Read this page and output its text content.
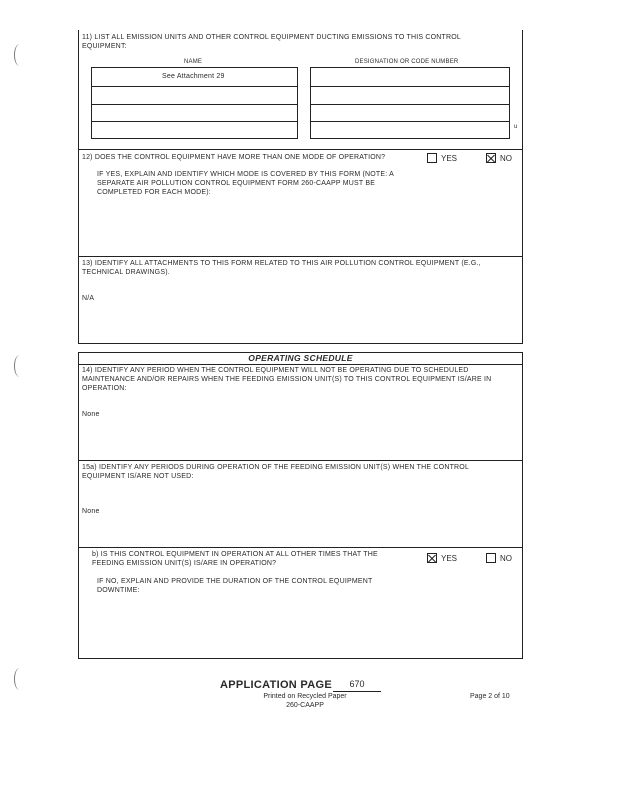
11) LIST ALL EMISSION UNITS AND OTHER CONTROL EQUIPMENT DUCTING EMISSIONS TO THIS CONTROL EQUIPMENT:
NAME	DESIGNATION OR CODE NUMBER
See Attachment 29
u
12) DOES THE CONTROL EQUIPMENT HAVE MORE THAN ONE MODE OF OPERATION?	YES	NO
IF YES, EXPLAIN AND IDENTIFY WHICH MODE IS COVERED BY THIS FORM (NOTE: A SEPARATE AIR POLLUTION CONTROL EQUIPMENT FORM 260-CAAPP MUST BE COMPLETED FOR EACH MODE):
13) IDENTIFY ALL ATTACHMENTS TO THIS FORM RELATED TO THIS AIR POLLUTION CONTROL EQUIPMENT (E.G., TECHNICAL DRAWINGS).
N/A
OPERATING SCHEDULE
14) IDENTIFY ANY PERIOD WHEN THE CONTROL EQUIPMENT WILL NOT BE OPERATING DUE TO SCHEDULED MAINTENANCE AND/OR REPAIRS WHEN THE FEEDING EMISSION UNIT(S) TO THIS CONTROL EQUIPMENT IS/ARE IN OPERATION:
None
15a) IDENTIFY ANY PERIODS DURING OPERATION OF THE FEEDING EMISSION UNIT(S) WHEN THE CONTROL EQUIPMENT IS/ARE NOT USED:
None
b) IS THIS CONTROL EQUIPMENT IN OPERATION AT ALL OTHER TIMES THAT THE FEEDING EMISSION UNIT(S) IS/ARE IN OPERATION?
YES	NO
IF NO, EXPLAIN AND PROVIDE THE DURATION OF THE CONTROL EQUIPMENT DOWNTIME:
APPLICATION PAGE	670
Printed on Recycled Paper
260-CAAPP
Page 2 of 10
